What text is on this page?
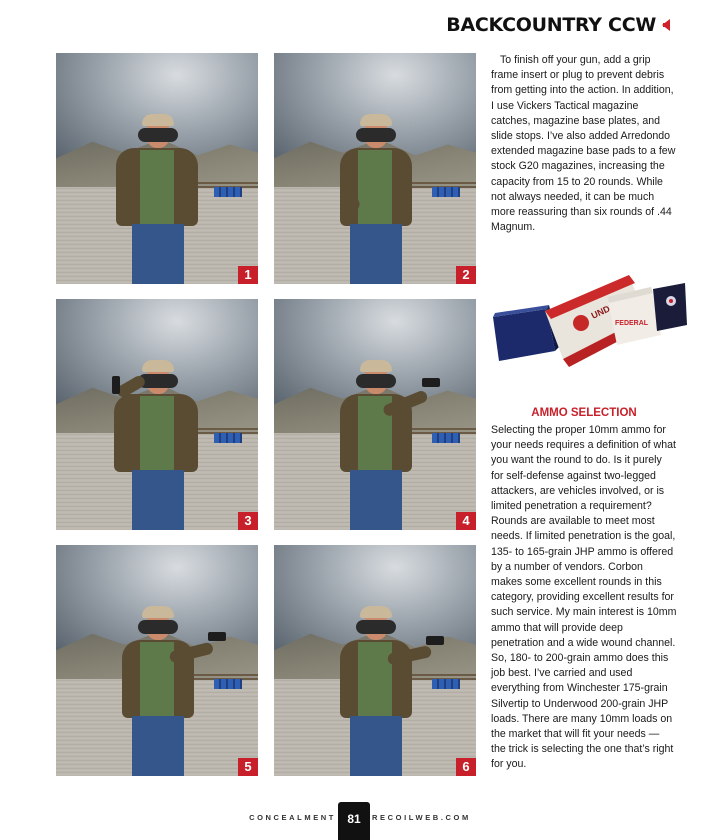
BACKCOUNTRY CCW
1	2
3	4
5	6

To finish off your gun, add a grip frame insert or plug to prevent debris from getting into the action. In addition, I use Vickers Tactical magazine catches, magazine base plates, and slide stops. I’ve also added Arredondo extended magazine base pads to a few stock G20 magazines, increasing the capacity from 15 to 20 rounds. While not always needed, it can be much more reassuring than six rounds of .44 Magnum.

FEDERAL
AMMO SELECTION

Selecting the proper 10mm ammo for your needs requires a definition of what you want the round to do. Is it purely for self-defense against two-legged attackers, are vehicles involved, or is limited penetration a requirement? Rounds are available to meet most needs. If limited penetration is the goal, 135- to 165-grain JHP ammo is offered by a number of vendors. Corbon makes some excellent rounds in this category, providing excellent results for such service. My main interest is 10mm ammo that will provide deep penetration and a wide wound channel. So, 180- to 200-grain ammo does this job best. I’ve carried and used everything from Winchester 175-grain Silvertip to Underwood 200-grain JHP loads. There are many 10mm loads on the market that will fit your needs — the trick is selecting the one that’s right for you.

CONCEALMENT 81	RECOILWEB.COM
